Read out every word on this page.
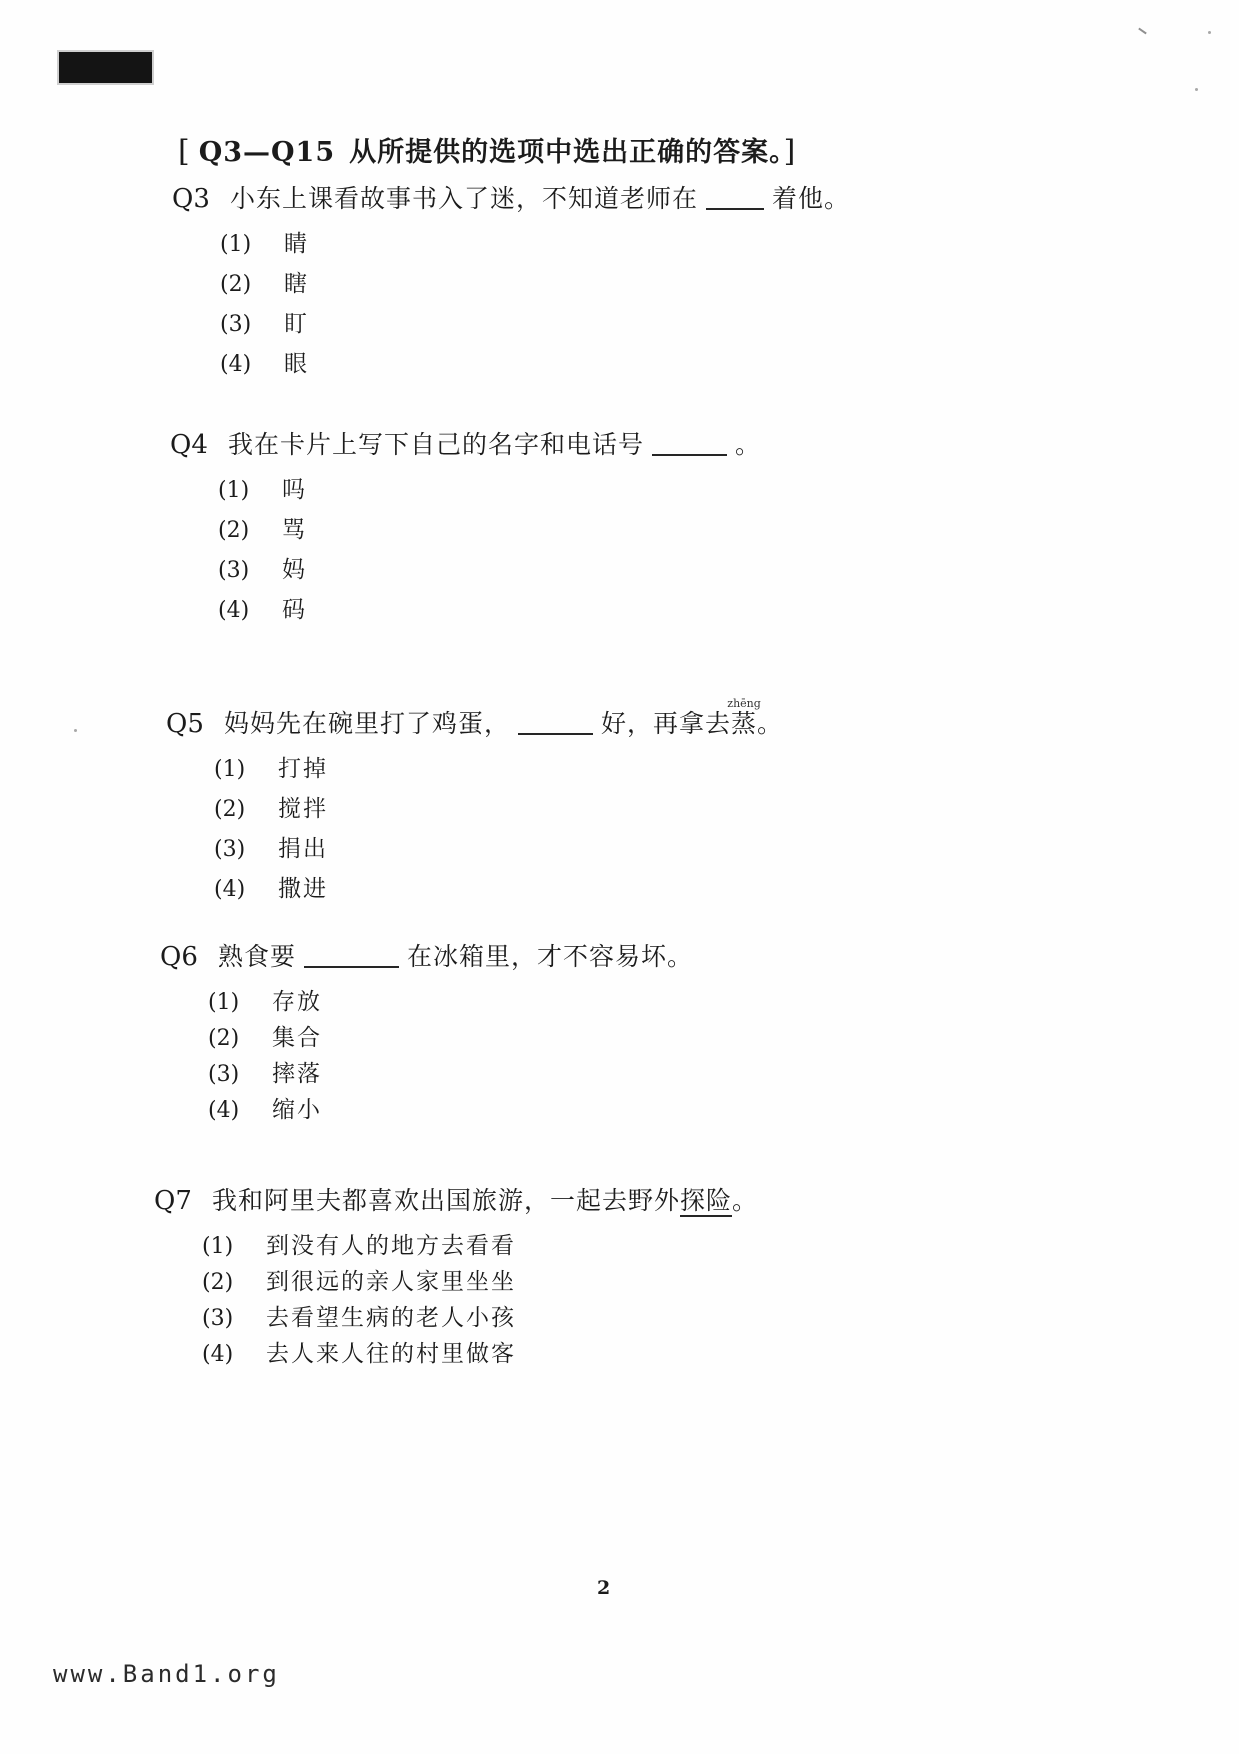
[ Q3—Q15 从所提供的选项中选出正确的答案。]
Q3 小东上课看故事书入了迷，不知道老师在	着他。
(1) 睛
(2) 瞎
(3) 盯
(4) 眼
Q4 我在卡片上写下自己的名字和电话号	。
(1) 吗
(2) 骂
(3) 妈
(4) 码
Q5 妈妈先在碗里打了鸡蛋，	好，再拿去蒸zhēng。
(1) 打掉
(2) 搅拌
(3) 捐出
(4) 撒进
Q6 熟食要	在冰箱里，才不容易坏。
(1) 存放
(2) 集合
(3) 摔落
(4) 缩小
Q7 我和阿里夫都喜欢出国旅游，一起去野外探险。
(1) 到没有人的地方去看看
(2) 到很远的亲人家里坐坐
(3) 去看望生病的老人小孩
(4) 去人来人往的村里做客
2
www.Band1.org
